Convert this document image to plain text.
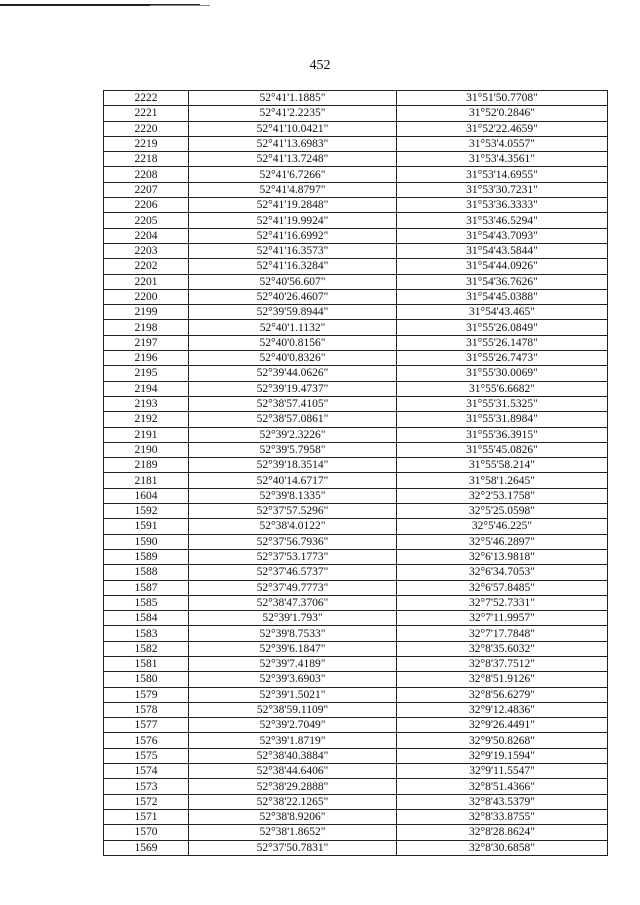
452
2222	52°41'1.1885"	31°51'50.7708"
2221	52°41'2.2235"	31°52'0.2846"
2220	52°41'10.0421"	31°52'22.4659"
2219	52°41'13.6983"	31°53'4.0557"
2218	52°41'13.7248"	31°53'4.3561"
2208	52°41'6.7266"	31°53'14.6955"
2207	52°41'4.8797"	31°53'30.7231"
2206	52°41'19.2848"	31°53'36.3333"
2205	52°41'19.9924"	31°53'46.5294"
2204	52°41'16.6992"	31°54'43.7093"
2203	52°41'16.3573"	31°54'43.5844"
2202	52°41'16.3284"	31°54'44.0926"
2201	52°40'56.607"	31°54'36.7626"
2200	52°40'26.4607"	31°54'45.0388"
2199	52°39'59.8944"	31°54'43.465"
2198	52°40'1.1132"	31°55'26.0849"
2197	52°40'0.8156"	31°55'26.1478"
2196	52°40'0.8326"	31°55'26.7473"
2195	52°39'44.0626"	31°55'30.0069"
2194	52°39'19.4737"	31°55'6.6682"
2193	52°38'57.4105"	31°55'31.5325"
2192	52°38'57.0861"	31°55'31.8984"
2191	52°39'2.3226"	31°55'36.3915"
2190	52°39'5.7958"	31°55'45.0826"
2189	52°39'18.3514"	31°55'58.214"
2181	52°40'14.6717"	31°58'1.2645"
1604	52°39'8.1335"	32°2'53.1758"
1592	52°37'57.5296"	32°5'25.0598"
1591	52°38'4.0122"	32°5'46.225"
1590	52°37'56.7936"	32°5'46.2897"
1589	52°37'53.1773"	32°6'13.9818"
1588	52°37'46.5737"	32°6'34.7053"
1587	52°37'49.7773"	32°6'57.8485"
1585	52°38'47.3706"	32°7'52.7331"
1584	52°39'1.793"	32°7'11.9957"
1583	52°39'8.7533"	32°7'17.7848"
1582	52°39'6.1847"	32°8'35.6032"
1581	52°39'7.4189"	32°8'37.7512"
1580	52°39'3.6903"	32°8'51.9126"
1579	52°39'1.5021"	32°8'56.6279"
1578	52°38'59.1109"	32°9'12.4836"
1577	52°39'2.7049"	32°9'26.4491"
1576	52°39'1.8719"	32°9'50.8268"
1575	52°38'40.3884"	32°9'19.1594"
1574	52°38'44.6406"	32°9'11.5547"
1573	52°38'29.2888"	32°8'51.4366"
1572	52°38'22.1265"	32°8'43.5379"
1571	52°38'8.9206"	32°8'33.8755"
1570	52°38'1.8652"	32°8'28.8624"
1569	52°37'50.7831"	32°8'30.6858"
